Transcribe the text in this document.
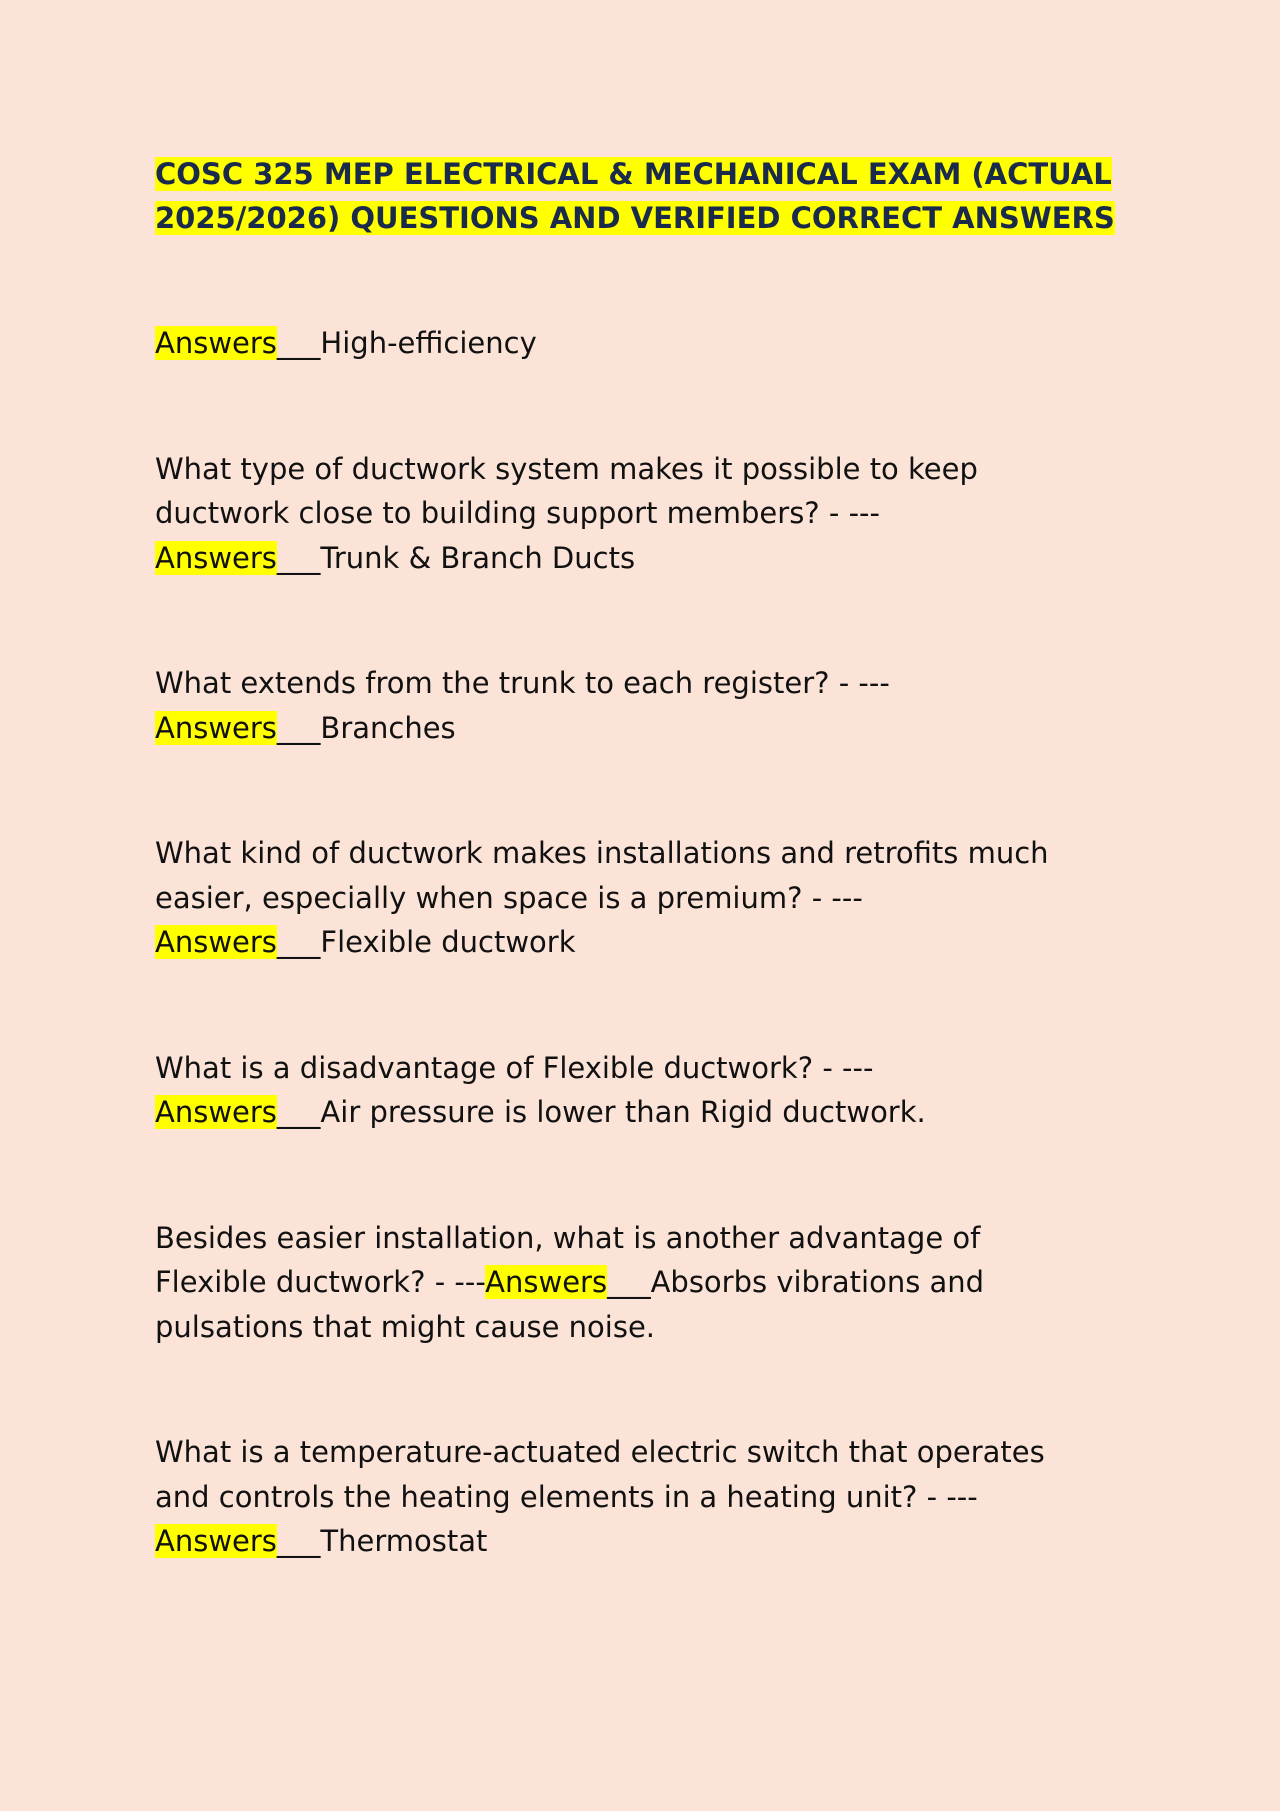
COSC 325 MEP ELECTRICAL & MECHANICAL EXAM (ACTUAL
2025/2026) QUESTIONS AND VERIFIED CORRECT ANSWERS

Answers___High-efficiency

What type of ductwork system makes it possible to keep
ductwork close to building support members? - ---
Answers___Trunk & Branch Ducts

What extends from the trunk to each register? - ---
Answers___Branches

What kind of ductwork makes installations and retrofits much
easier, especially when space is a premium? - ---
Answers___Flexible ductwork

What is a disadvantage of Flexible ductwork? - ---
Answers___Air pressure is lower than Rigid ductwork.

Besides easier installation, what is another advantage of
Flexible ductwork? - ---Answers___Absorbs vibrations and
pulsations that might cause noise.

What is a temperature-actuated electric switch that operates
and controls the heating elements in a heating unit? - ---
Answers___Thermostat
